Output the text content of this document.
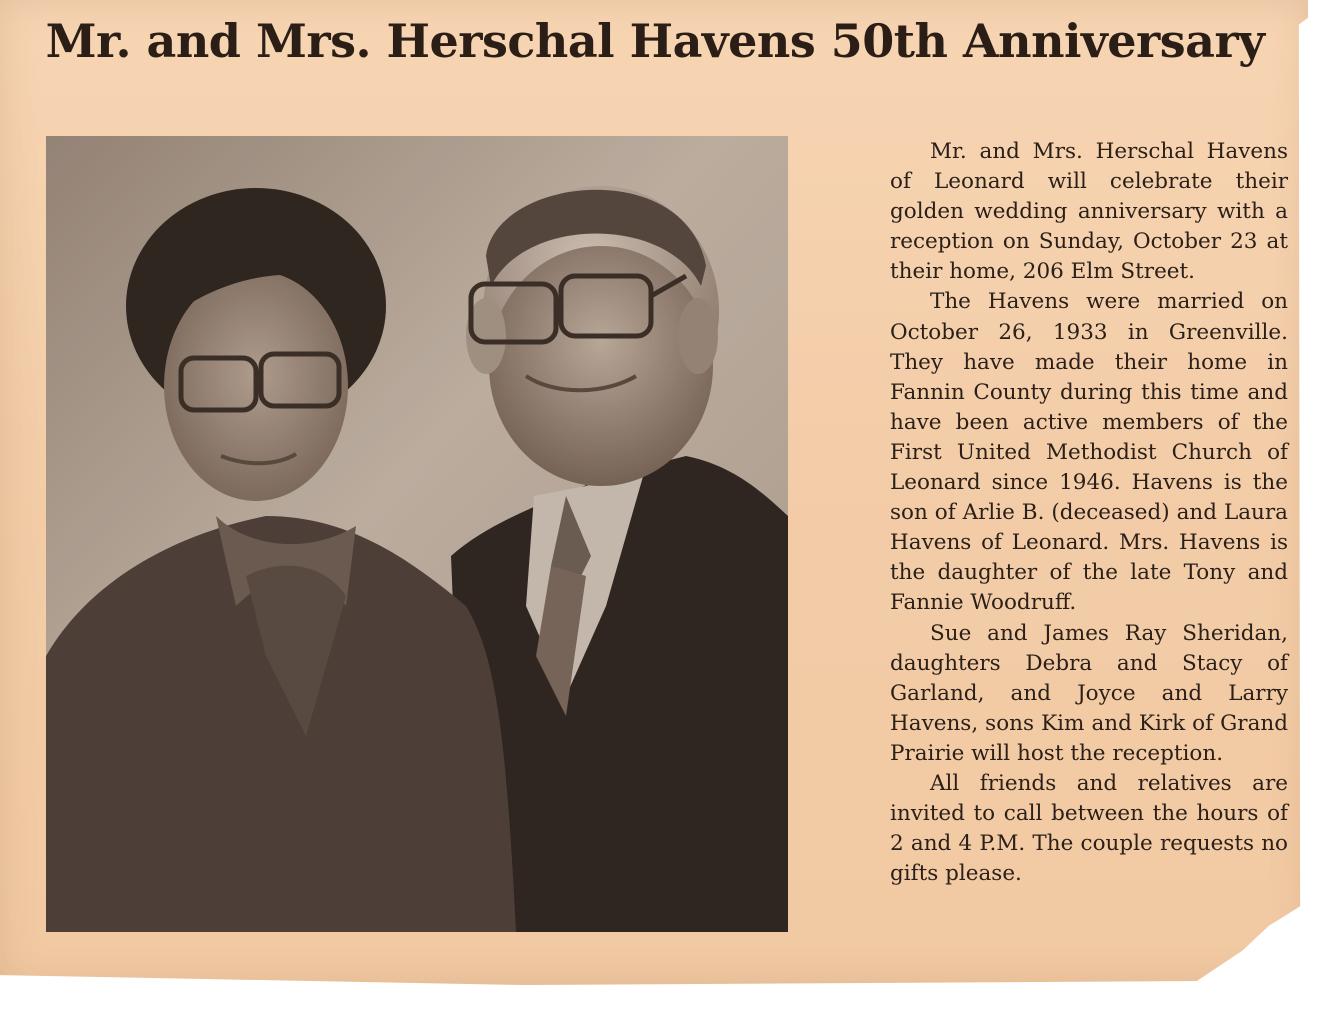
Mr. and Mrs. Herschal Havens 50th Anniversary

Mr. and Mrs. Herschal Havens of Leonard will celebrate their golden wedding anniversary with a reception on Sunday, October 23 at their home, 206 Elm Street.

The Havens were married on October 26, 1933 in Greenville. They have made their home in Fannin County during this time and have been active members of the First United Methodist Church of Leonard since 1946. Havens is the son of Arlie B. (deceased) and Laura Havens of Leonard. Mrs. Havens is the daughter of the late Tony and Fannie Woodruff.

Sue and James Ray Sheridan, daughters Debra and Stacy of Garland, and Joyce and Larry Havens, sons Kim and Kirk of Grand Prairie will host the reception.

All friends and relatives are invited to call between the hours of 2 and 4 P.M. The couple requests no gifts please.
